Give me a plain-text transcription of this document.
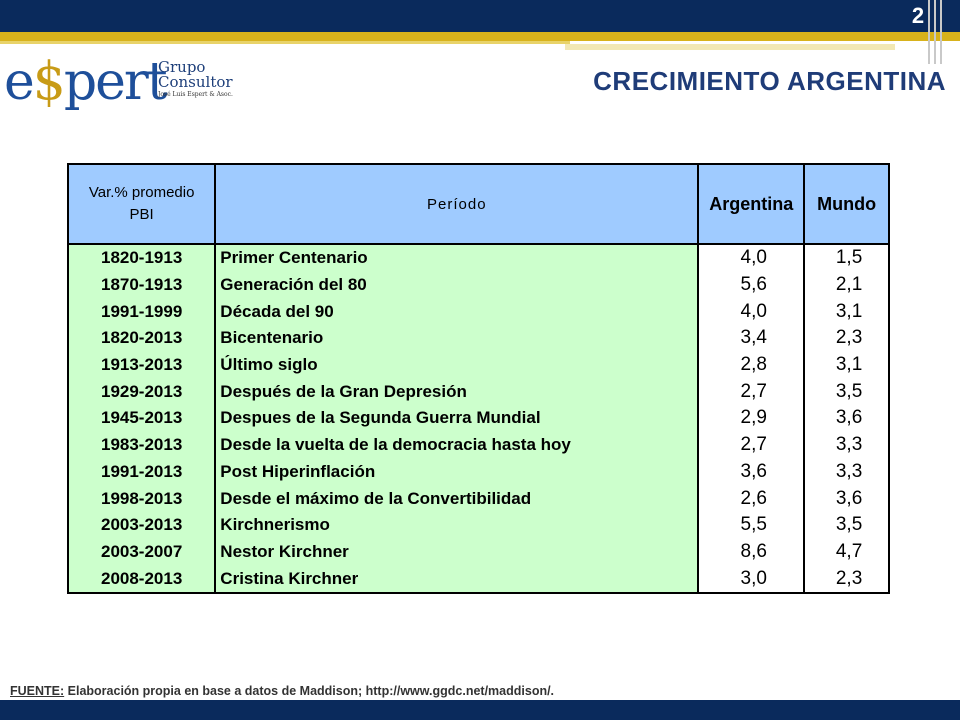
2
e$pert
Grupo
Consultor
José Luis Espert & Asoc.	CRECIMIENTO ARGENTINA
Var.% promedio
PBI	Período	Argentina		Mundo	
1820-1913	Primer Centenario		4,0		1,5
1870-1913	Generación del 80		5,6		2,1
1991-1999	Década del 90		4,0		3,1
1820-2013	Bicentenario		3,4		2,3
1913-2013	Último siglo		2,8		3,1
1929-2013	Después de la Gran Depresión		2,7		3,5
1945-2013	Despues de la Segunda Guerra Mundial		2,9		3,6
1983-2013	Desde la vuelta de la democracia hasta hoy		2,7		3,3
1991-2013	Post Hiperinflación		3,6		3,3
1998-2013	Desde el máximo de la Convertibilidad		2,6		3,6
2003-2013	Kirchnerismo		5,5		3,5
2003-2007	Nestor Kirchner		8,6		4,7
2008-2013	Cristina Kirchner		3,0		2,3
FUENTE: Elaboración propia en base a datos de Maddison; http://www.ggdc.net/maddison/.
